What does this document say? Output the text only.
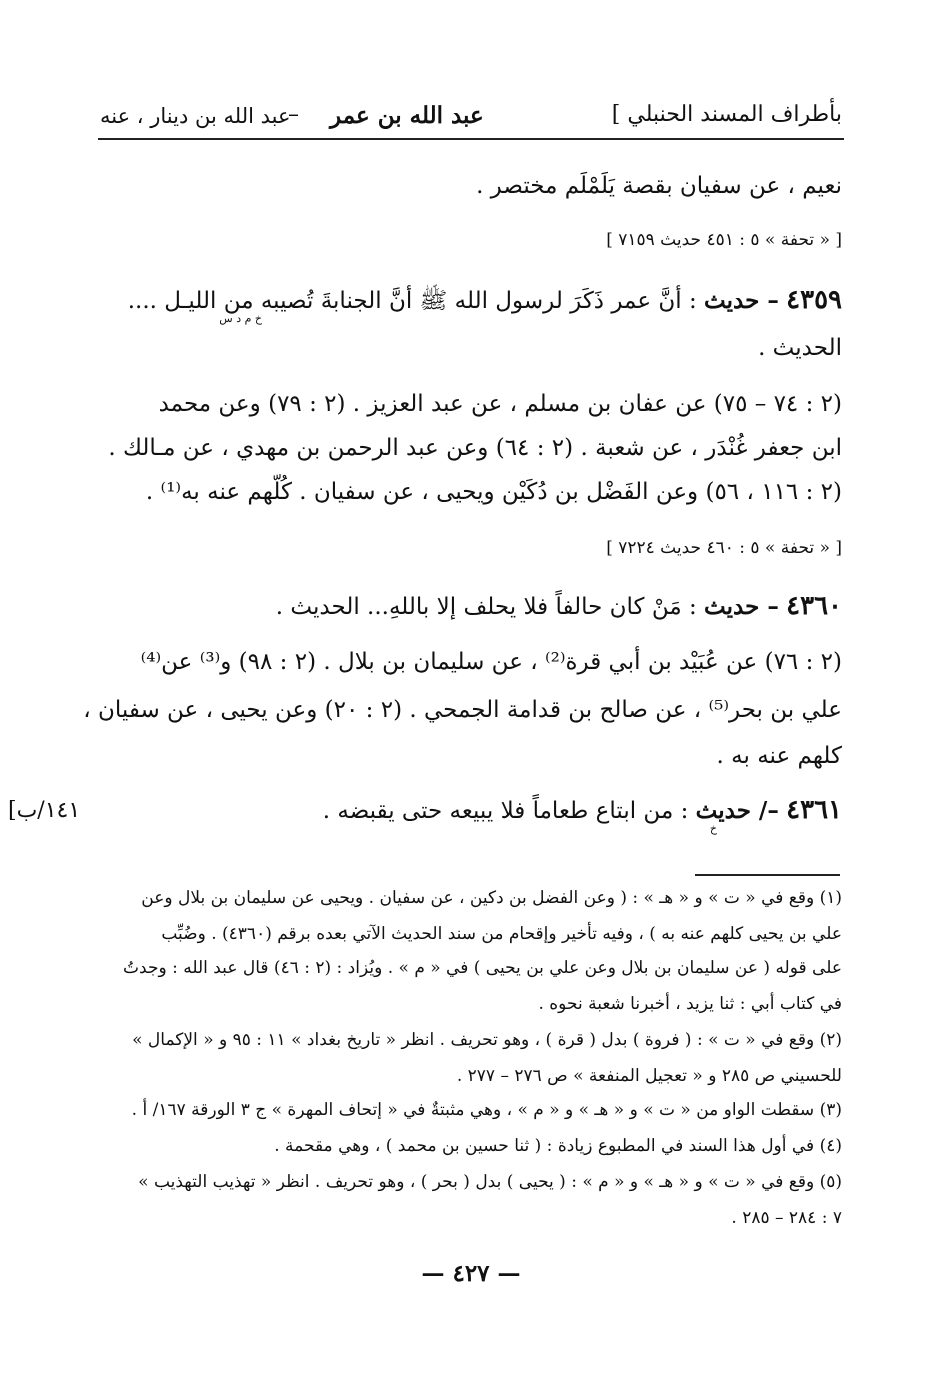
بأطراف المسند الحنبلي ]
عبد الله بن عمر
–
عبد الله بن دينار ، عنه
نعيم ، عن سفيان بقصة يَلَمْلَم مختصر .
[ « تحفة » ٥ : ٤٥١ حديث ٧١٥٩ ]
٤٣٥٩ – حديث : أنَّ عمر ذَكَرَ لرسول الله ﷺ أنَّ الجنابةَ تُصيبه من الليـل ....
خ م د س
الحديث .
(٢ : ٧٤ – ٧٥) عن عفان بن مسلم ، عن عبد العزيز . (٢ : ٧٩) وعن محمد
ابن جعفر غُنْدَر ، عن شعبة . (٢ : ٦٤) وعن عبد الرحمن بن مهدي ، عن مـالك .
(٢ : ١١٦ ، ٥٦) وعن الفَضْل بن دُكَيْن ويحيى ، عن سفيان . كُلّهم عنه به⁽¹⁾ .
[ « تحفة » ٥ : ٤٦٠ حديث ٧٢٢٤ ]
٤٣٦٠ – حديث : مَنْ كان حالفاً فلا يحلف إلا باللهِ... الحديث .
(٢ : ٧٦) عن عُبَيْد بن أبي قرة⁽²⁾ ، عن سليمان بن بلال . (٢ : ٩٨) و⁽³⁾ عن⁽⁴⁾
علي بن بحر⁽⁵⁾ ، عن صالح بن قدامة الجمحي . (٢ : ٢٠) وعن يحيى ، عن سفيان ،
كلهم عنه به .
٤٣٦١ –/ حديث : من ابتاع طعاماً فلا يبيعه حتى يقبضه .
خ
[١٤١/ب
(١) وقع في « ت » و « هـ » : ( وعن الفضل بن دكين ، عن سفيان . ويحيى عن سليمان بن بلال وعن
علي بن يحيى كلهم عنه به ) ، وفيه تأخير وإقحام من سند الحديث الآتي بعده برقم (٤٣٦٠) . وضُبِّب
على قوله ( عن سليمان بن بلال وعن علي بن يحيى ) في « م » . ويُزاد : (٢ : ٤٦) قال عبد الله : وجدتُ
في كتاب أبي : ثنا يزيد ، أخبرنا شعبة نحوه .
(٢) وقع في « ت » : ( فروة ) بدل ( قرة ) ، وهو تحريف . انظر « تاريخ بغداد » ١١ : ٩٥ و « الإكمال »
للحسيني ص ٢٨٥ و « تعجيل المنفعة » ص ٢٧٦ – ٢٧٧ .
(٣) سقطت الواو من « ت » و « هـ » و « م » ، وهي مثبتةٌ في « إتحاف المهرة » ج ٣ الورقة ١٦٧/ أ .
(٤) في أول هذا السند في المطبوع زيادة : ( ثنا حسين بن محمد ) ، وهي مقحمة .
(٥) وقع في « ت » و « هـ » و « م » : ( يحيى ) بدل ( بحر ) ، وهو تحريف . انظر « تهذيب التهذيب »
٧ : ٢٨٤ – ٢٨٥ .
— ٤٢٧ —
